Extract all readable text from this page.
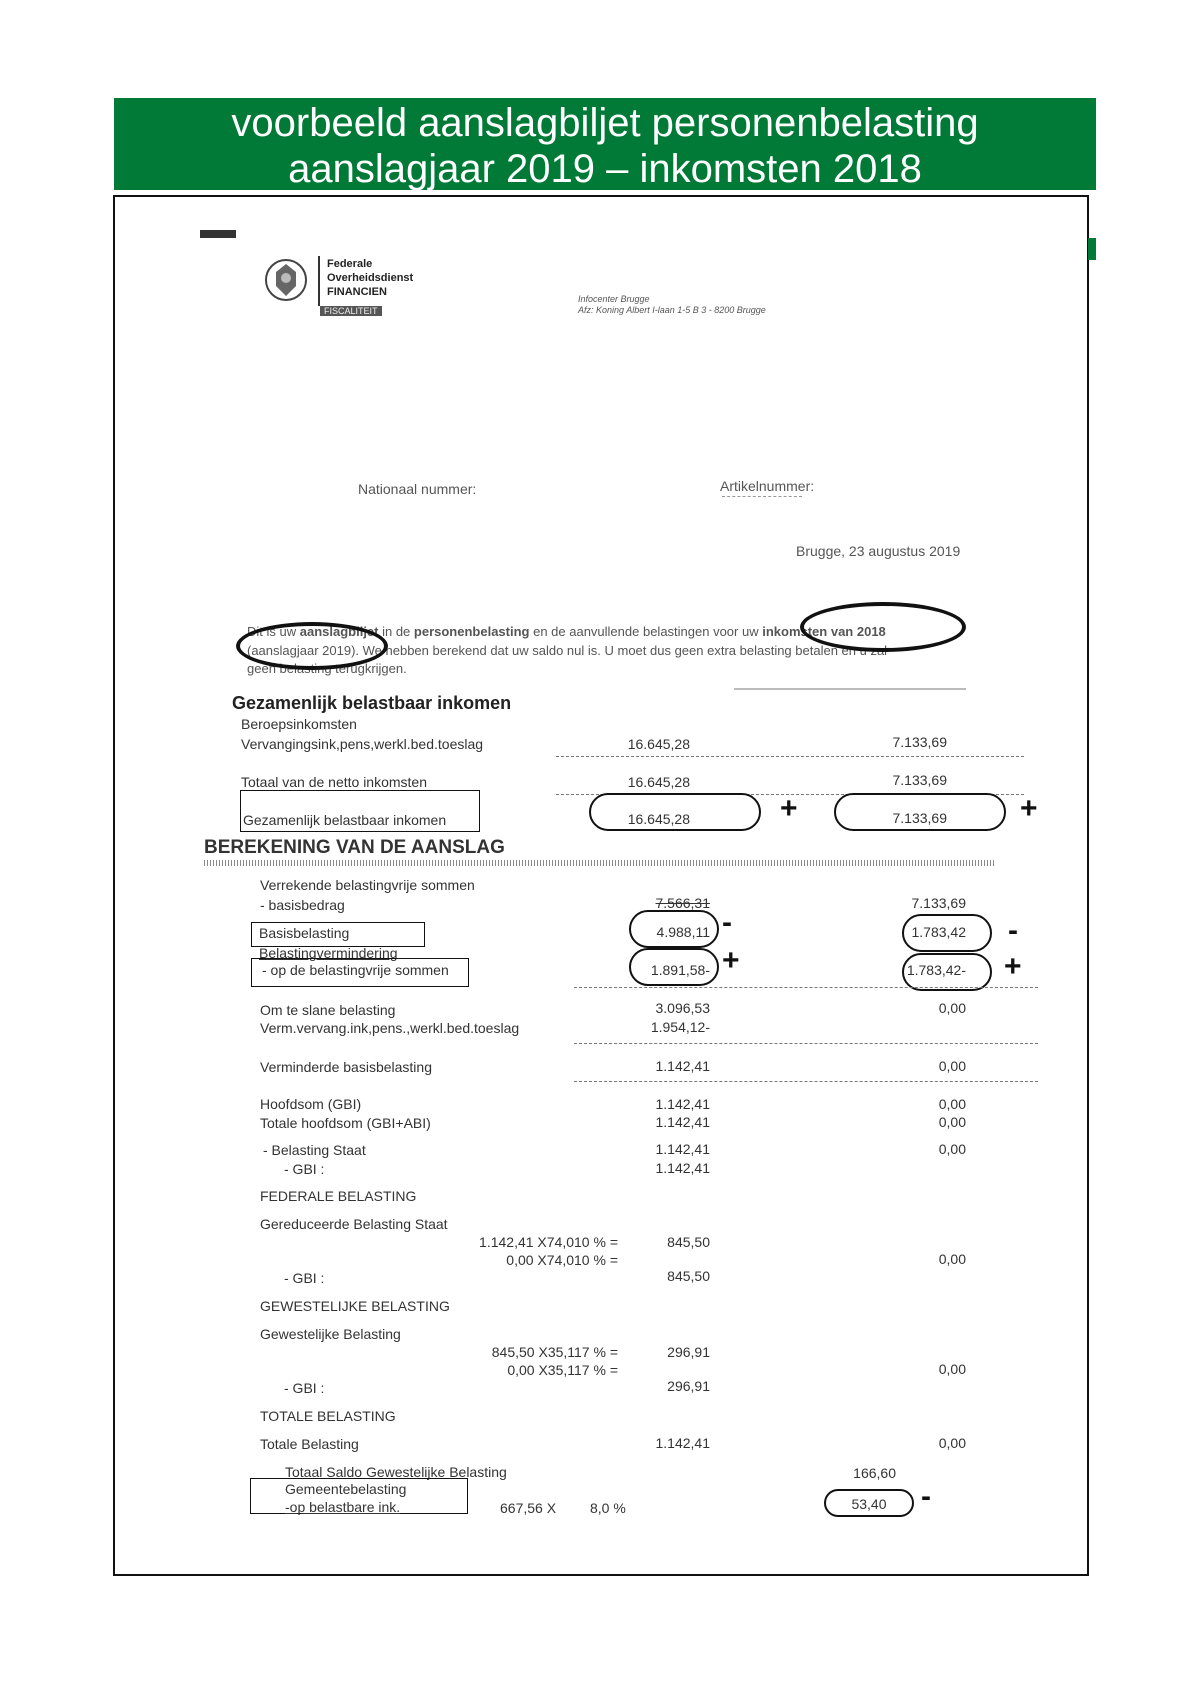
voorbeeld aanslagbiljet personenbelasting
aanslagjaar 2019 – inkomsten 2018
Federale
Overheidsdienst
FINANCIEN
FISCALITEIT
Infocenter Brugge
Afz: Koning Albert I-laan 1-5 B 3 - 8200 Brugge
Nationaal nummer:	Artikelnummer:
Brugge, 23 augustus 2019
Dit is uw aanslagbiljet in de personenbelasting en de aanvullende belastingen voor uw inkomsten van 2018
(aanslagjaar 2019). We hebben berekend dat uw saldo nul is. U moet dus geen extra belasting betalen en u zal
geen belasting terugkrijgen.
Gezamenlijk belastbaar inkomen
Beroepsinkomsten
Vervangingsink,pens,werkl.bed.toeslag	16.645,28	7.133,69
Totaal van de netto inkomsten	16.645,28	7.133,69
Gezamenlijk belastbaar inkomen	16.645,28	+	7.133,69 +
BEREKENING VAN DE AANSLAG
Verrekende belastingvrije sommen
- basisbedrag	7.566,31	7.133,69
Basisbelasting	4.988,11 -	1.783,42 -
Belastingvermindering
- op de belastingvrije sommen	1.891,58- +	1.783,42- +
Om te slane belasting	3.096,53	0,00
Verm.vervang.ink,pens.,werkl.bed.toeslag	1.954,12-
Verminderde basisbelasting	1.142,41	0,00
Hoofdsom (GBI)	1.142,41	0,00
Totale hoofdsom (GBI+ABI)	1.142,41	0,00
- Belasting Staat	1.142,41	0,00
- GBI :	1.142,41
FEDERALE BELASTING
Gereduceerde Belasting Staat
1.142,41 X74,010 % =	845,50
0,00 X74,010 % =	0,00
- GBI :	845,50
GEWESTELIJKE BELASTING
Gewestelijke Belasting
845,50 X35,117 % =	296,91
0,00 X35,117 % =	0,00
- GBI :	296,91
TOTALE BELASTING
Totale Belasting	1.142,41	0,00
Totaal Saldo Gewestelijke Belasting	166,60
Gemeentebelasting
-op belastbare ink.	667,56 X 8,0 %	53,40	-
